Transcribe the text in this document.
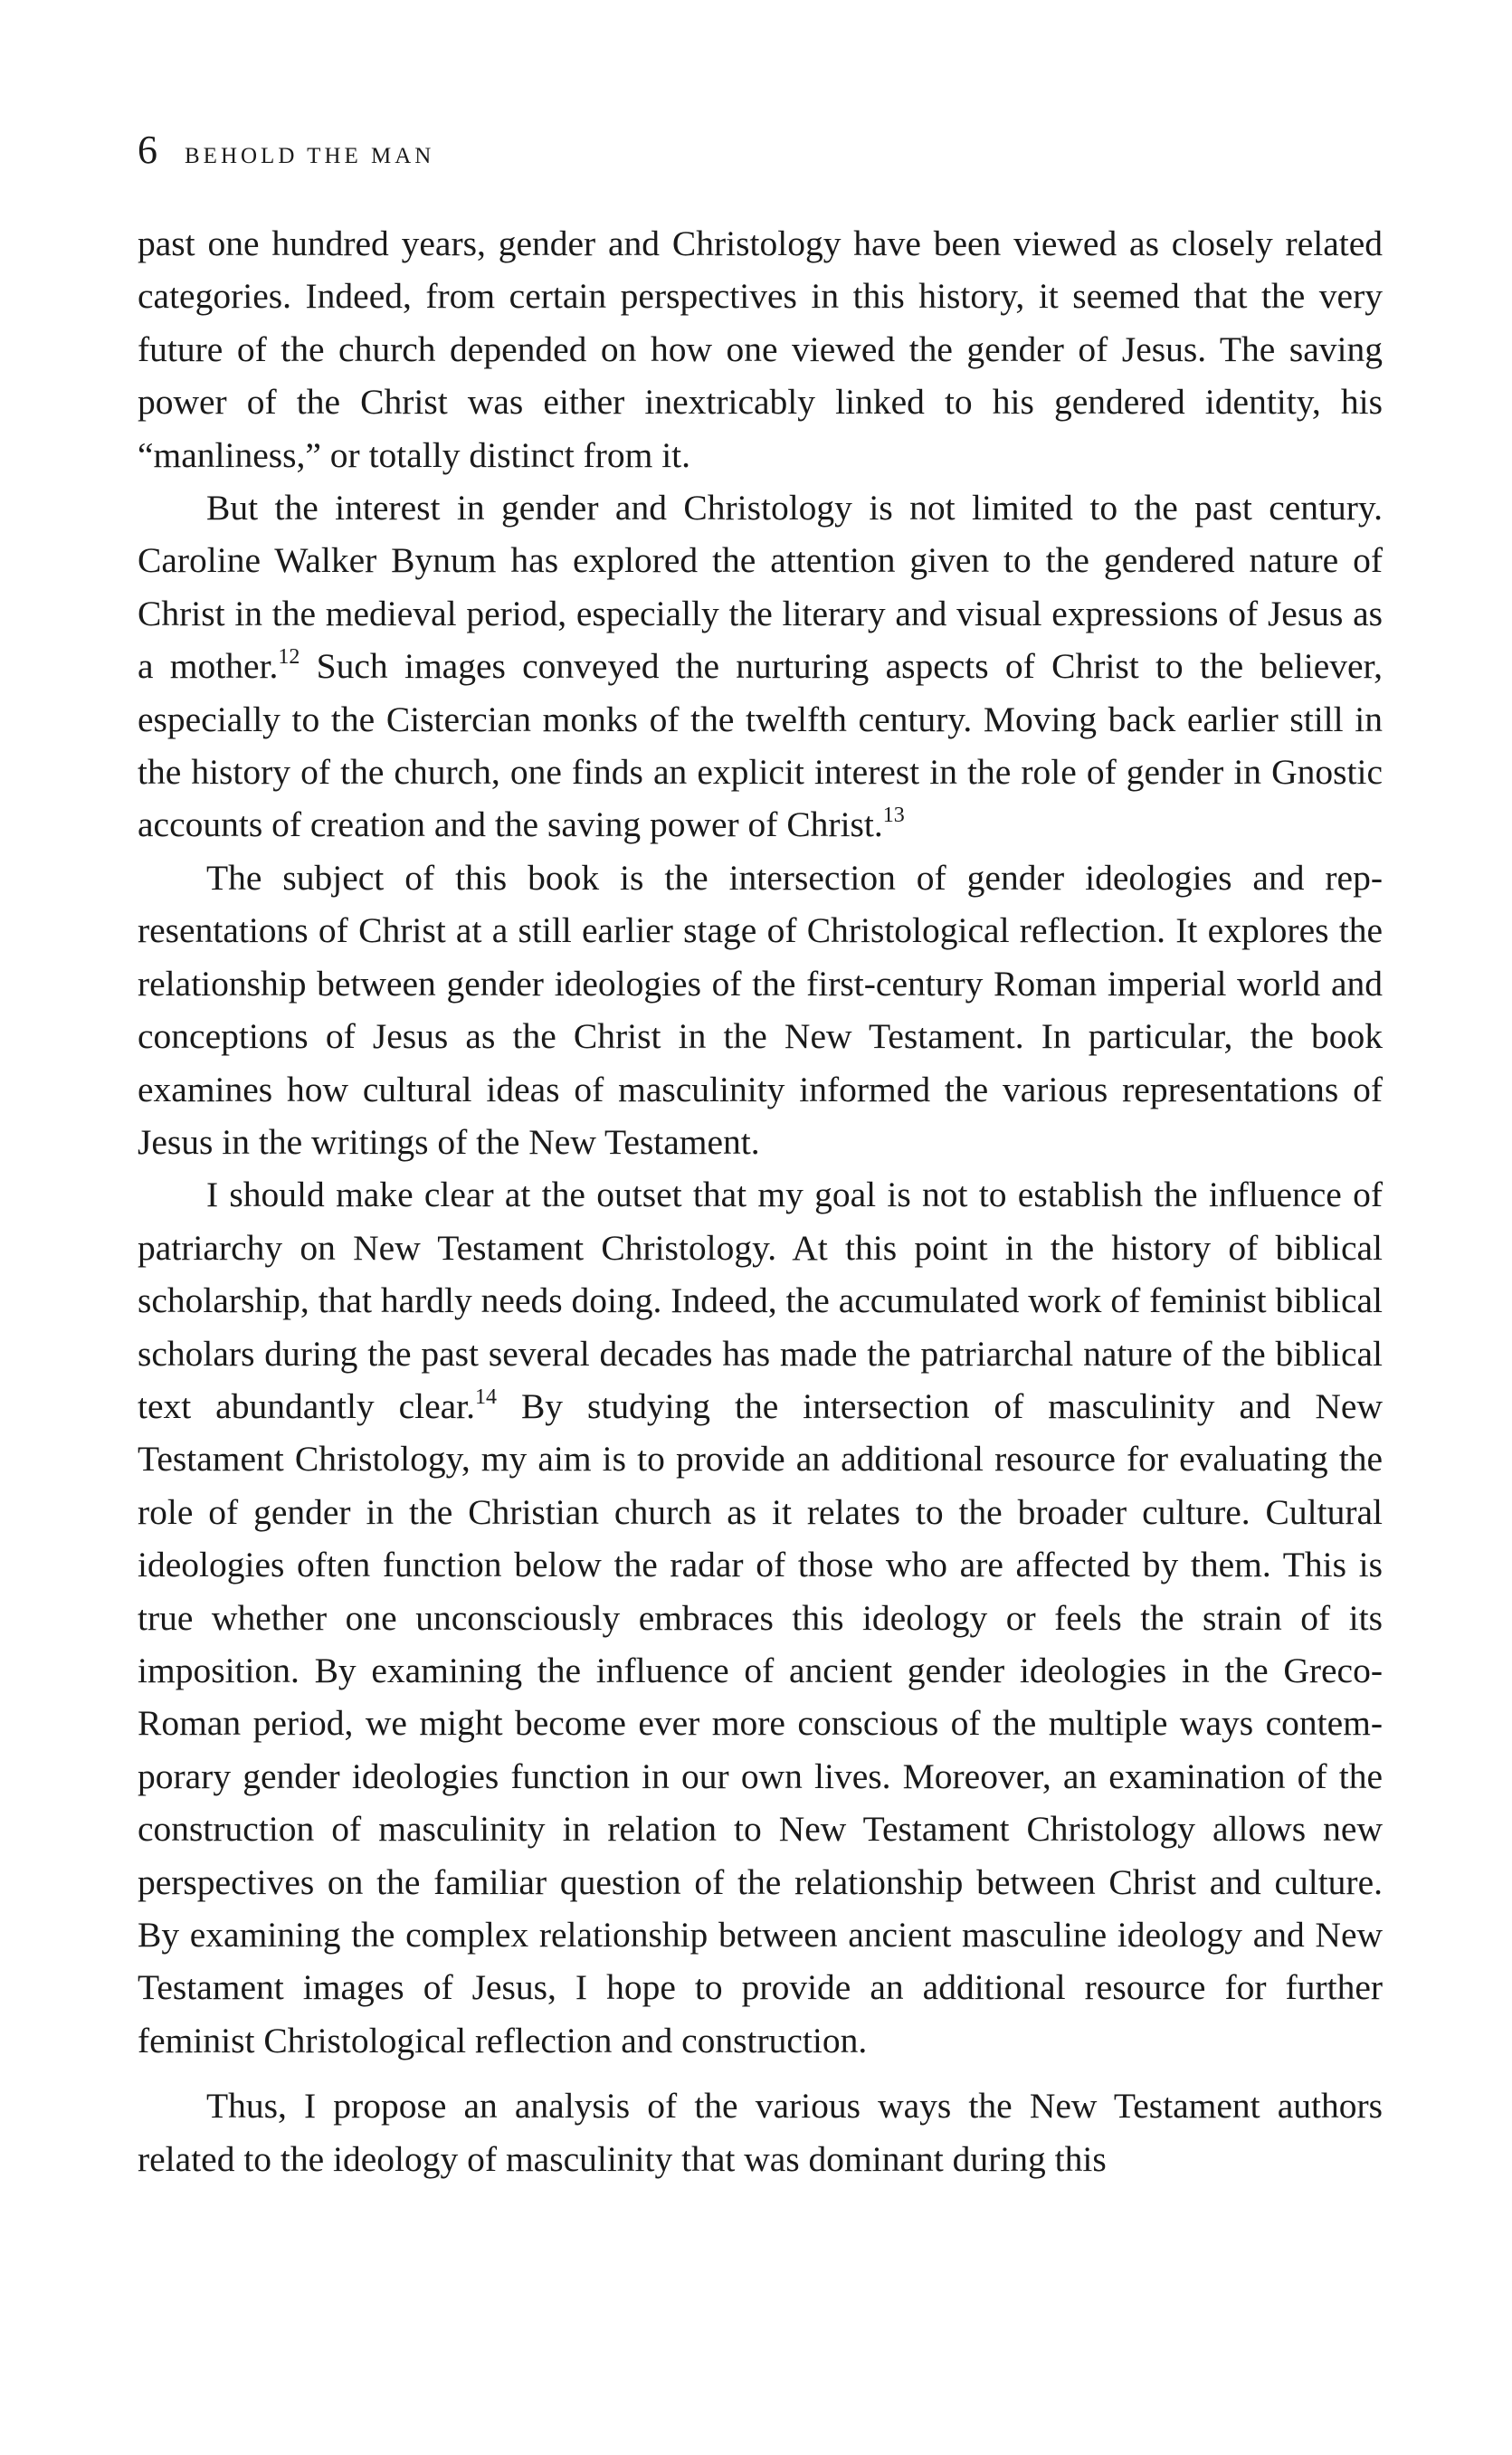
6 BEHOLD THE MAN

past one hundred years, gender and Christology have been viewed as closely related categories. Indeed, from certain perspectives in this history, it seemed that the very future of the church depended on how one viewed the gender of Jesus. The saving power of the Christ was either inextricably linked to his gendered identity, his “manliness,” or totally distinct from it.

But the interest in gender and Christology is not limited to the past century. Caroline Walker Bynum has explored the attention given to the gendered nature of Christ in the medieval period, especially the literary and visual expressions of Jesus as a mother.$^{12}$ Such images conveyed the nurturing aspects of Christ to the believer, especially to the Cistercian monks of the twelfth century. Moving back earlier still in the history of the church, one finds an explicit interest in the role of gender in Gnostic accounts of creation and the saving power of Christ.$^{13}$

The subject of this book is the intersection of gender ideologies and representations of Christ at a still earlier stage of Christological reflection. It explores the relationship between gender ideologies of the first-century Roman imperial world and conceptions of Jesus as the Christ in the New Testament. In particular, the book examines how cultural ideas of masculinity informed the various representations of Jesus in the writings of the New Testament.

I should make clear at the outset that my goal is not to establish the influence of patriarchy on New Testament Christology. At this point in the history of biblical scholarship, that hardly needs doing. Indeed, the accumulated work of feminist biblical scholars during the past several decades has made the patriarchal nature of the biblical text abundantly clear.$^{14}$ By studying the intersection of masculinity and New Testament Christology, my aim is to provide an additional resource for evaluating the role of gender in the Christian church as it relates to the broader culture. Cultural ideologies often function below the radar of those who are affected by them. This is true whether one unconsciously embraces this ideology or feels the strain of its imposition. By examining the influence of ancient gender ideologies in the Greco-Roman period, we might become ever more conscious of the multiple ways contemporary gender ideologies function in our own lives. Moreover, an examination of the construction of masculinity in relation to New Testament Christology allows new perspectives on the familiar question of the relationship between Christ and culture. By examining the complex relationship between ancient masculine ideology and New Testament images of Jesus, I hope to provide an additional resource for further feminist Christological reflection and construction.

Thus, I propose an analysis of the various ways the New Testament authors related to the ideology of masculinity that was dominant during this
